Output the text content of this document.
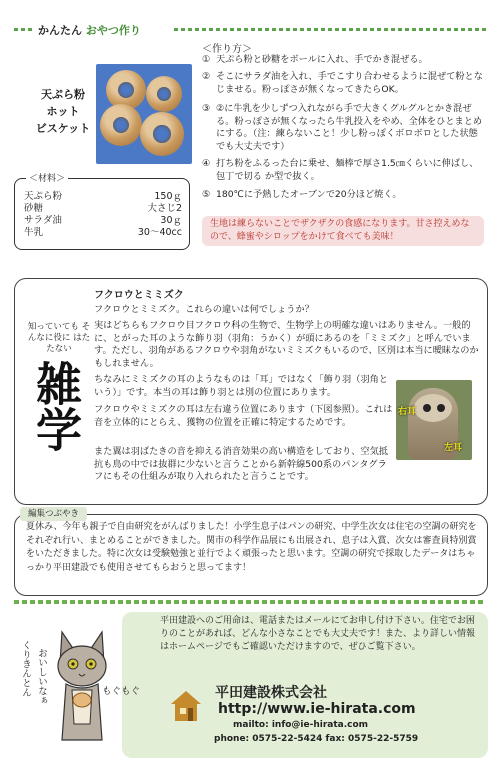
かんたん おやつ作り
天ぷら粉
ホット
ビスケット
＜作り方＞
① 天ぷら粉と砂糖をボールに入れ、手でかき混ぜる。
② そこにサラダ油を入れ、手でこすり合わせるように混ぜて粉となじませる。粉っぽさが無くなってきたらOK。
③ ②に牛乳を少しずつ入れながら手で大きくグルグルとかき混ぜる。粉っぽさが無くなったら牛乳投入をやめ、全体をひとまとめにする。（注：練らないこと！少し粉っぽくボロボロとした状態でも大丈夫です）
④ 打ち粉をふるった台に乗せ、麺棒で厚さ1.5㎝くらいに伸ばし、包丁で切る か型で抜く。
⑤ 180℃に予熱したオーブンで20分ほど焼く。
＜材料＞
天ぷら粉	150ｇ
砂糖	大さじ2
サラダ油	30ｇ
牛乳	30〜40cc
生地は練らないことでザクザクの食感になります。甘さ控えめなので、蜂蜜やシロップをかけて食べても美味！
フクロウとミミズク
知っていても そんなに役に はたたない
雑学
フクロウとミミズク。これらの違いは何でしょうか？
実はどちらもフクロウ目フクロウ科の生物で、生物学上の明確な違いはありません。一般的に、とがった耳のような飾り羽（羽角：うかく）が頭にあるのを「ミミズク」と呼んでいます。ただし、羽角があるフクロウや羽角がないミミズクもいるので、区別は本当に曖昧なのかもしれません。
ちなみにミミズクの耳のようなものは「耳」ではなく「飾り羽（羽角という）」です。本当の耳は飾り羽とは別の位置にあります。
フクロウやミミズクの耳は左右違う位置にあります（下図参照）。これは音を立体的にとらえ、獲物の位置を正確に特定するためです。
また翼は羽ばたきの音を抑える消音効果の高い構造をしており、空気抵抗も鳥の中では抜群に少ないと言うことから新幹線500系のパンタグラフにもその仕組みが取り入れられたと言うことです。
右耳
左耳
編集つぶやき
夏休み、今年も親子で自由研究をがんばりました！小学生息子はパンの研究、中学生次女は住宅の空調の研究をそれぞれ行い、まとめることができました。関市の科学作品展にも出展され、息子は入賞、次女は審査員特別賞をいただきました。特に次女は受験勉強と並行でよく頑張ったと思います。空調の研究で採取したデータはちゃっかり平田建設でも使用させてもらおうと思ってます！
平田建設へのご用命は、電話またはメールにてお申し付け下さい。住宅でお困りのことがあれば、どんな小さなことでも大丈夫です！また、より詳しい情報はホームページでもご確認いただけますので、ぜひご覧下さい。
平田建設株式会社
http://www.ie-hirata.com
mailto: info@ie-hirata.com
phone: 0575-22-5424 fax: 0575-22-5759
くりきんとん おいしいなぁ	もぐもぐ
